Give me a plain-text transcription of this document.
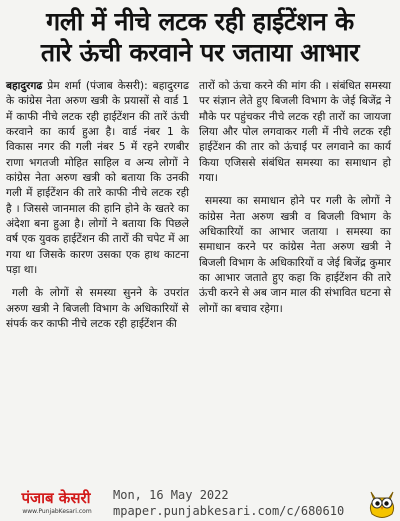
गली में नीचे लटक रही हाईटेंशन के
तारे ऊंची करवाने पर जताया आभार

बहादुरगढ प्रेम शर्मा (पंजाब केसरी): बहादुरगढ के कांग्रेस नेता अरुण खत्री के प्रयासों से वार्ड 1 में काफी नीचे लटक रही हाईटेंशन की तारें ऊंची करवाने का कार्य हुआ है। वार्ड नंबर 1 के विकास नगर की गली नंबर 5 में रहने रणबीर राणा भगतजी मोहित साहिल व अन्य लोगों ने कांग्रेस नेता अरुण खत्री को बताया कि उनकी गली में हाईटेंशन की तारे काफी नीचे लटक रही है । जिससे जानमाल की हानि होने के खतरे का अंदेशा बना हुआ है। लोगों ने बताया कि पिछले वर्ष एक युवक हाईटेंशन की तारों की चपेट में आ गया था जिसके कारण उसका एक हाथ काटना पड़ा था।

गली के लोगों से समस्या सुनने के उपरांत अरुण खत्री ने बिजली विभाग के अधिकारियों से संपर्क कर काफी नीचे लटक रही हाईटेंशन की

तारों को ऊंचा करने की मांग की । संबंधित समस्या पर संज्ञान लेते हुए बिजली विभाग के जेई बिजेंद्र ने मौके पर पहुंचकर नीचे लटक रही तारों का जायजा लिया और पोल लगवाकर गली में नीचे लटक रही हाईटेंशन की तार को ऊंचाई पर लगवाने का कार्य किया एजिससे संबंधित समस्या का समाधान हो गया।

समस्या का समाधान होने पर गली के लोगों ने कांग्रेस नेता अरुण खत्री व बिजली विभाग के अधिकारियों का आभार जताया । समस्या का समाधान करने पर कांग्रेस नेता अरुण खत्री ने बिजली विभाग के अधिकारियों व जेई बिजेंद्र कुमार का आभार जताते हुए कहा कि हाईटेंशन की तारे ऊंची करने से अब जान माल की संभावित घटना से लोगों का बचाव रहेगा।

पंजाब केसरी
www.PunjabKesari.com
Mon, 16 May 2022
mpaper.punjabkesari.com/c/680610
